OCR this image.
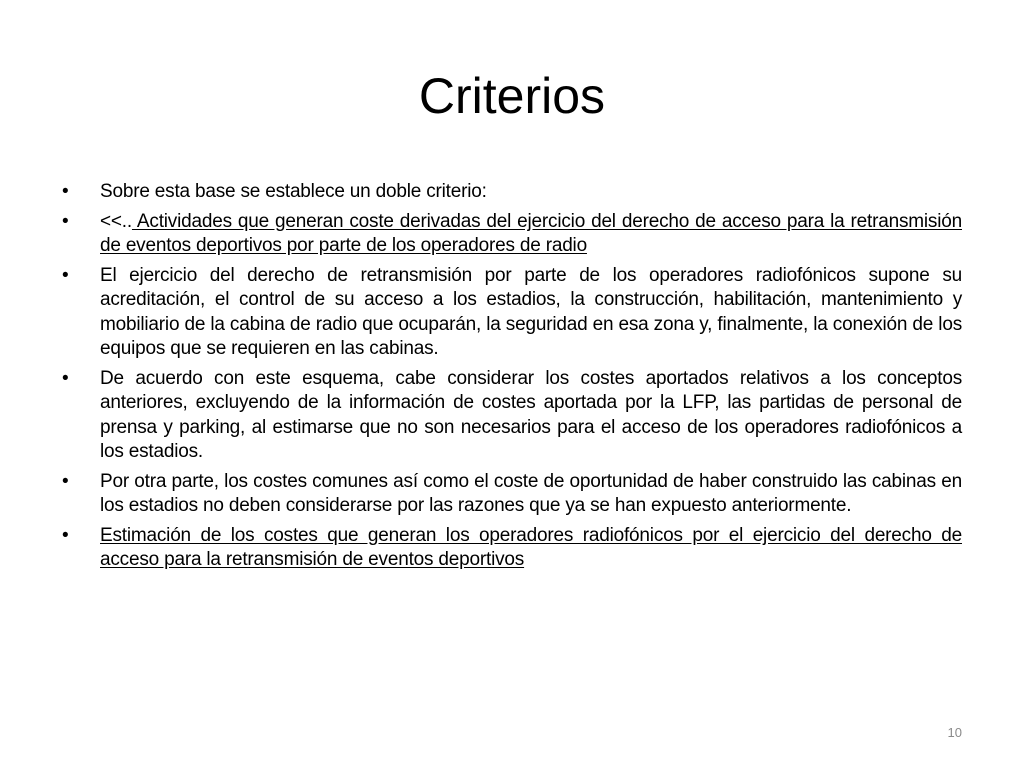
Criterios
• Sobre esta base se establece un doble criterio:
• <<.. Actividades que generan coste derivadas del ejercicio del derecho de acceso para la retransmisión de eventos deportivos por parte de los operadores de radio
• El ejercicio del derecho de retransmisión por parte de los operadores radiofónicos supone su acreditación, el control de su acceso a los estadios, la construcción, habilitación, mantenimiento y mobiliario de la cabina de radio que ocuparán, la seguridad en esa zona y, finalmente, la conexión de los equipos que se requieren en las cabinas.
• De acuerdo con este esquema, cabe considerar los costes aportados relativos a los conceptos anteriores, excluyendo de la información de costes aportada por la LFP, las partidas de personal de prensa y parking, al estimarse que no son necesarios para el acceso de los operadores radiofónicos a los estadios.
• Por otra parte, los costes comunes así como el coste de oportunidad de haber construido las cabinas en los estadios no deben considerarse por las razones que ya se han expuesto anteriormente.
• Estimación de los costes que generan los operadores radiofónicos por el ejercicio del derecho de acceso para la retransmisión de eventos deportivos
10
